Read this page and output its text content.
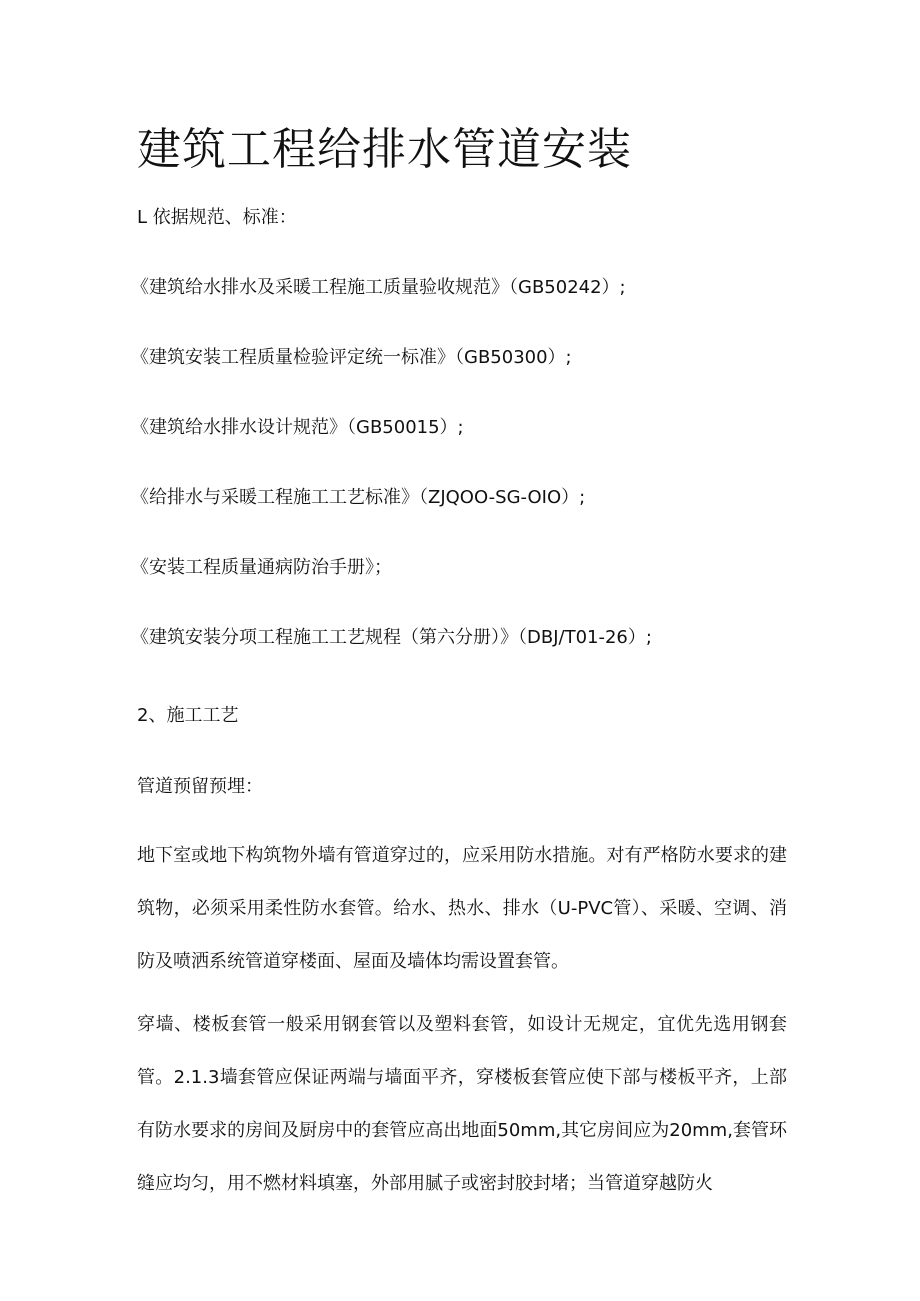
建筑工程给排水管道安装

L 依据规范、标准：

《建筑给水排水及采暖工程施工质量验收规范》（GB50242）;

《建筑安装工程质量检验评定统一标准》（GB50300）;

《建筑给水排水设计规范》（GB50015）;

《给排水与采暖工程施工工艺标准》（ZJQOO-SG-OIO）;

《安装工程质量通病防治手册》；

《建筑安装分项工程施工工艺规程（第六分册）》（DBJ/T01-26）;

2、施工工艺

管道预留预埋：

地下室或地下构筑物外墙有管道穿过的，应采用防水措施。对有严格防水要求的建筑物，必须采用柔性防水套管。给水、热水、排水（U-PVC管）、采暖、空调、消防及喷洒系统管道穿楼面、屋面及墙体均需设置套管。

穿墙、楼板套管一般采用钢套管以及塑料套管，如设计无规定，宜优先选用钢套管。2.1.3墙套管应保证两端与墙面平齐，穿楼板套管应使下部与楼板平齐，上部有防水要求的房间及厨房中的套管应高出地面50mm,其它房间应为20mm,套管环缝应均匀，用不燃材料填塞，外部用腻子或密封胶封堵；当管道穿越防火
